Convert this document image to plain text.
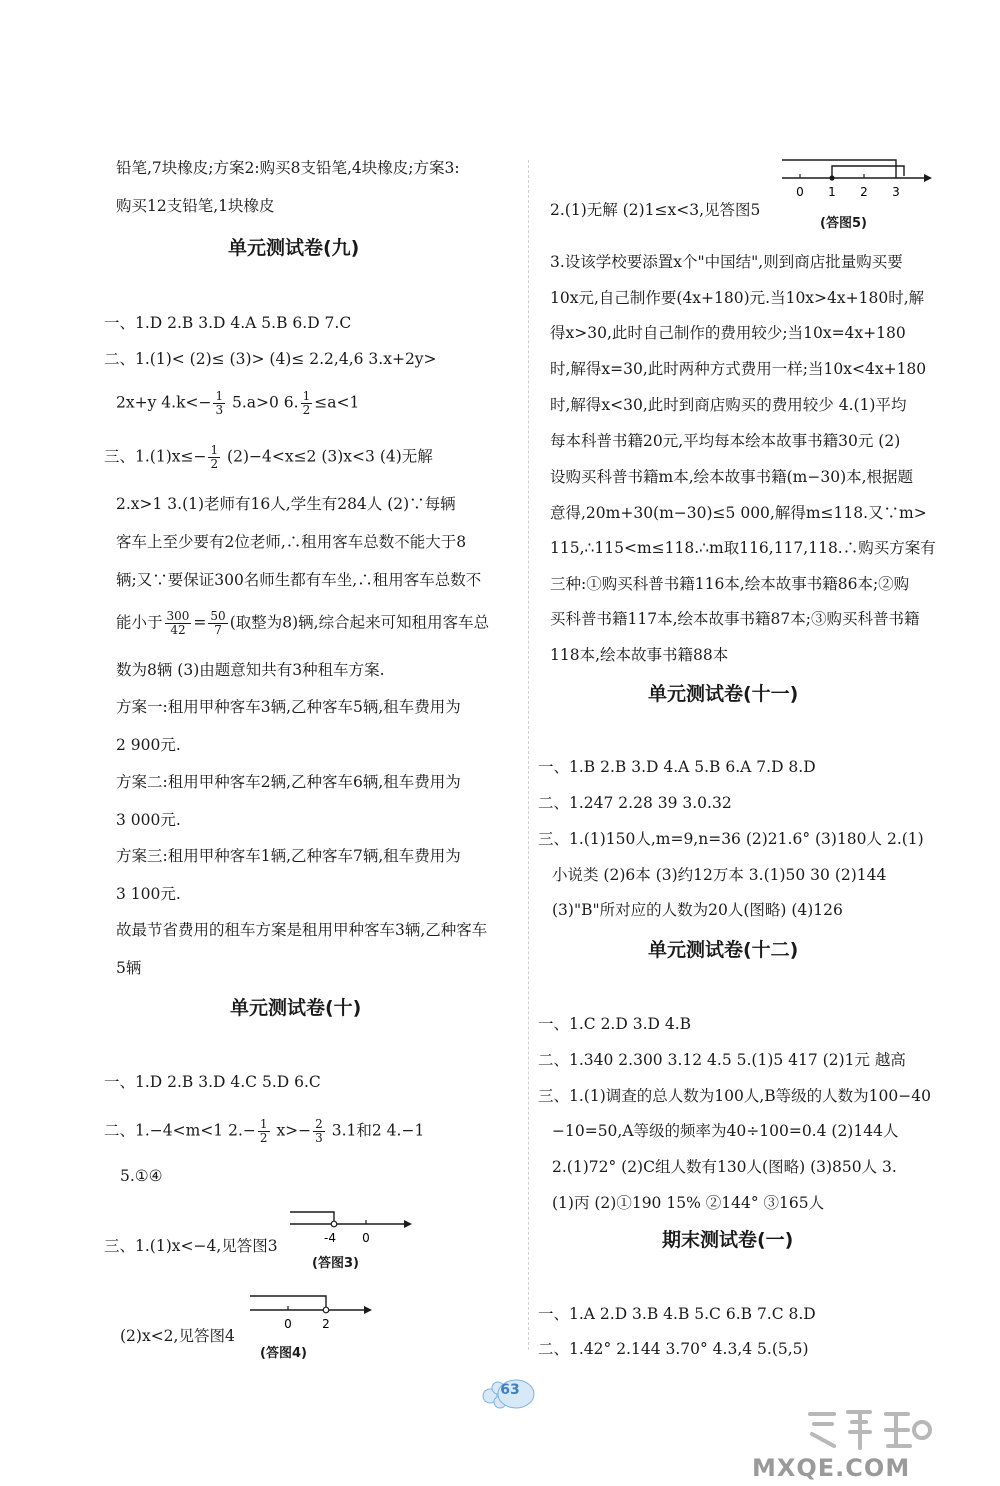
铅笔,7块橡皮;方案2:购买8支铅笔,4块橡皮;方案3:
购买12支铅笔,1块橡皮
单元测试卷(九)
一、1.D 2.B 3.D 4.A 5.B 6.D 7.C
二、1.(1)< (2)≤ (3)> (4)≤ 2.2,4,6 3.x+2y>
2x+y $4.k<- \frac{1}{3} 5.a>0$ 6. $\frac{1}{2} \le a<1$
三、$1.(1)x\le- \frac{1}{2} (2)-4<x\le 2$ (3)x<3 (4)无解
2.x>1 3.(1)老师有16人,学生有284人 (2)∵每辆
客车上至少要有2位老师,∴租用客车总数不能大于8
辆;又∵要保证300名师生都有车坐,∴租用客车总数不
能小于 $\frac{300}{42} = \frac{50}{7}$ (取整为8)辆,综合起来可知租用客车总
数为8辆 (3)由题意知共有3种租车方案.
方案一:租用甲种客车3辆,乙种客车5辆,租车费用为
2 900元.
方案二:租用甲种客车2辆,乙种客车6辆,租车费用为
3 000元.
方案三:租用甲种客车1辆,乙种客车7辆,租车费用为
3 100元.
故最节省费用的租车方案是租用甲种客车3辆,乙种客车
5辆
单元测试卷(十)
一、1.D 2.B 3.D 4.C 5.D 6.C
二、1.−4<m<1 $2.- \frac{1}{2} x>- \frac{2}{3} 3.1$和2 4.−1
5.①④
-4 0
三、1.(1)x<−4,见答图3
(答图3)
0	2
(2)x<2,见答图4
(答图4)
0 1 2 3
(答图5)
2.(1)无解 (2)1≤x<3,见答图5
3.设该学校要添置x个"中国结",则到商店批量购买要
10x元,自己制作要(4x+180)元.当10x>4x+180时,解
得x>30,此时自己制作的费用较少;当10x=4x+180
时,解得x=30,此时两种方式费用一样;当10x<4x+180
时,解得x<30,此时到商店购买的费用较少 4.(1)平均
每本科普书籍20元,平均每本绘本故事书籍30元 (2)
设购买科普书籍m本,绘本故事书籍(m−30)本,根据题
意得,20m+30(m−30)≤5 000,解得m≤118.又∵m>
115,∴115<m≤118.∴m取116,117,118.∴购买方案有
三种:①购买科普书籍116本,绘本故事书籍86本;②购
买科普书籍117本,绘本故事书籍87本;③购买科普书籍
118本,绘本故事书籍88本
单元测试卷(十一)
一、1.B 2.B 3.D 4.A 5.B 6.A 7.D 8.D
二、1.247 2.28 39 3.0.32
三、1.(1)150人,m=9,n=36 (2)21.6° (3)180人 2.(1)
小说类 (2)6本 (3)约12万本 3.(1)50 30 (2)144
(3)"B"所对应的人数为20人(图略) (4)126
单元测试卷(十二)
一、1.C 2.D 3.D 4.B
二、1.340 2.300 3.12 4.5 5.(1)5 417 (2)1元 越高
三、1.(1)调查的总人数为100人,B等级的人数为100−40
−10=50,A等级的频率为40÷100=0.4 (2)144人
2.(1)72° (2)C组人数有130人(图略) (3)850人 3.
(1)丙 (2)①190 15% ②144° ③165人
期末测试卷(一)
一、1.A 2.D 3.B 4.B 5.C 6.B 7.C 8.D
二、1.42° 2.144 3.70° 4.3,4 5.(5,5)
63
MXQE.COM
